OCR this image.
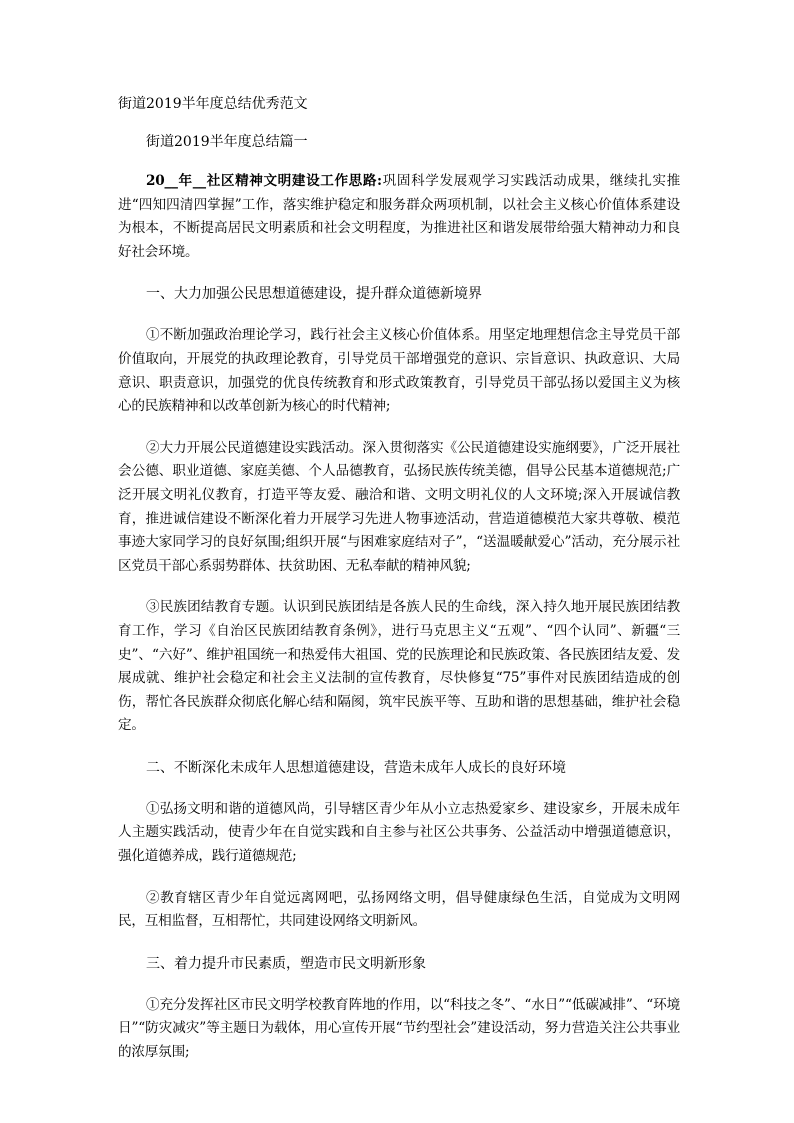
街道2019半年度总结优秀范文

街道2019半年度总结篇一

20__年__社区精神文明建设工作思路:巩固科学发展观学习实践活动成果，继续扎实推进“四知四清四掌握”工作，落实维护稳定和服务群众两项机制，以社会主义核心价值体系建设为根本，不断提高居民文明素质和社会文明程度，为推进社区和谐发展带给强大精神动力和良好社会环境。

一、大力加强公民思想道德建设，提升群众道德新境界

①不断加强政治理论学习，践行社会主义核心价值体系。用坚定地理想信念主导党员干部价值取向，开展党的执政理论教育，引导党员干部增强党的意识、宗旨意识、执政意识、大局意识、职责意识，加强党的优良传统教育和形式政策教育，引导党员干部弘扬以爱国主义为核心的民族精神和以改革创新为核心的时代精神;

②大力开展公民道德建设实践活动。深入贯彻落实《公民道德建设实施纲要》，广泛开展社会公德、职业道德、家庭美德、个人品德教育，弘扬民族传统美德，倡导公民基本道德规范;广泛开展文明礼仪教育，打造平等友爱、融洽和谐、文明文明礼仪的人文环境;深入开展诚信教育，推进诚信建设不断深化着力开展学习先进人物事迹活动，营造道德模范大家共尊敬、模范事迹大家同学习的良好氛围;组织开展“与困难家庭结对子”，“送温暖献爱心”活动，充分展示社区党员干部心系弱势群体、扶贫助困、无私奉献的精神风貌;

③民族团结教育专题。认识到民族团结是各族人民的生命线，深入持久地开展民族团结教育工作，学习《自治区民族团结教育条例》，进行马克思主义“五观”、“四个认同”、新疆“三史”、“六好”、维护祖国统一和热爱伟大祖国、党的民族理论和民族政策、各民族团结友爱、发展成就、维护社会稳定和社会主义法制的宣传教育，尽快修复“75”事件对民族团结造成的创伤，帮忙各民族群众彻底化解心结和隔阂，筑牢民族平等、互助和谐的思想基础，维护社会稳定。

二、不断深化未成年人思想道德建设，营造未成年人成长的良好环境

①弘扬文明和谐的道德风尚，引导辖区青少年从小立志热爱家乡、建设家乡，开展未成年人主题实践活动，使青少年在自觉实践和自主参与社区公共事务、公益活动中增强道德意识，强化道德养成，践行道德规范;

②教育辖区青少年自觉远离网吧，弘扬网络文明，倡导健康绿色生活，自觉成为文明网民，互相监督，互相帮忙，共同建设网络文明新风。

三、着力提升市民素质，塑造市民文明新形象

①充分发挥社区市民文明学校教育阵地的作用，以“科技之冬”、“水日”“低碳减排”、“环境日”“防灾减灾”等主题日为载体，用心宣传开展“节约型社会”建设活动，努力营造关注公共事业的浓厚氛围;
